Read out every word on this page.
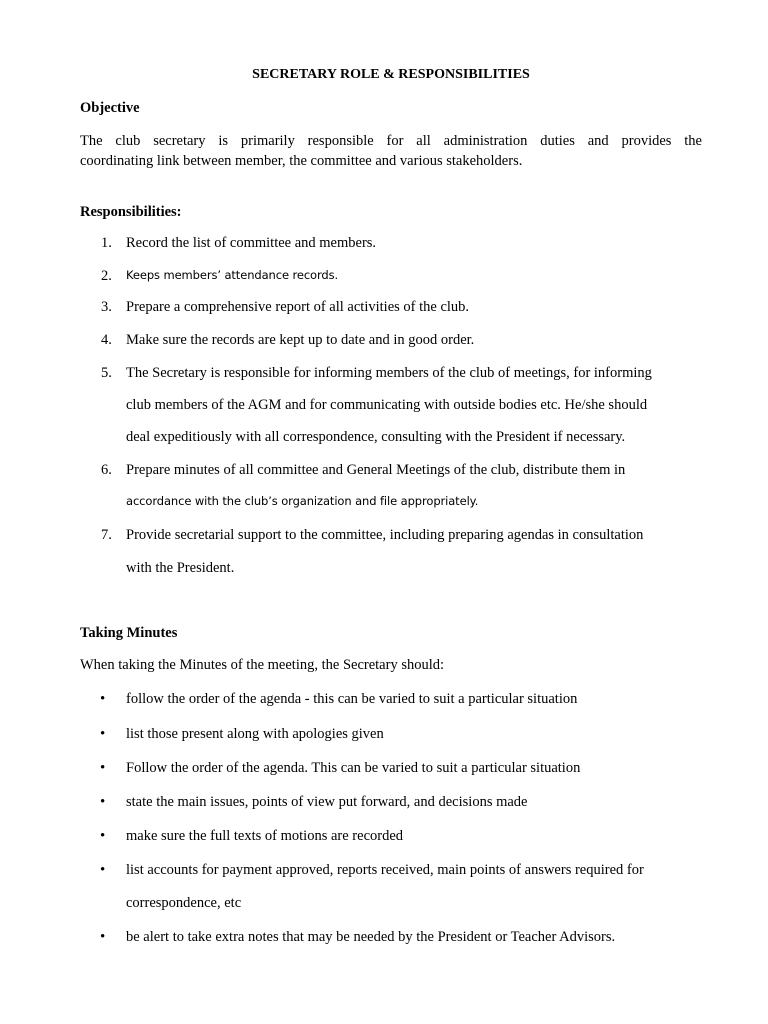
SECRETARY ROLE & RESPONSIBILITIES
Objective
The club secretary is primarily responsible for all administration duties and provides the
coordinating link between member, the committee and various stakeholders.
Responsibilities:
1. Record the list of committee and members.
2. Keeps members’ attendance records.
3. Prepare a comprehensive report of all activities of the club.
4. Make sure the records are kept up to date and in good order.
5. The Secretary is responsible for informing members of the club of meetings, for informing
club members of the AGM and for communicating with outside bodies etc. He/she should
deal expeditiously with all correspondence, consulting with the President if necessary.
6. Prepare minutes of all committee and General Meetings of the club, distribute them in
accordance with the club’s organization and file appropriately.
7. Provide secretarial support to the committee, including preparing agendas in consultation
with the President.
Taking Minutes
When taking the Minutes of the meeting, the Secretary should:
• follow the order of the agenda - this can be varied to suit a particular situation
• list those present along with apologies given
• Follow the order of the agenda. This can be varied to suit a particular situation
• state the main issues, points of view put forward, and decisions made
• make sure the full texts of motions are recorded
• list accounts for payment approved, reports received, main points of answers required for
correspondence, etc
• be alert to take extra notes that may be needed by the President or Teacher Advisors.
